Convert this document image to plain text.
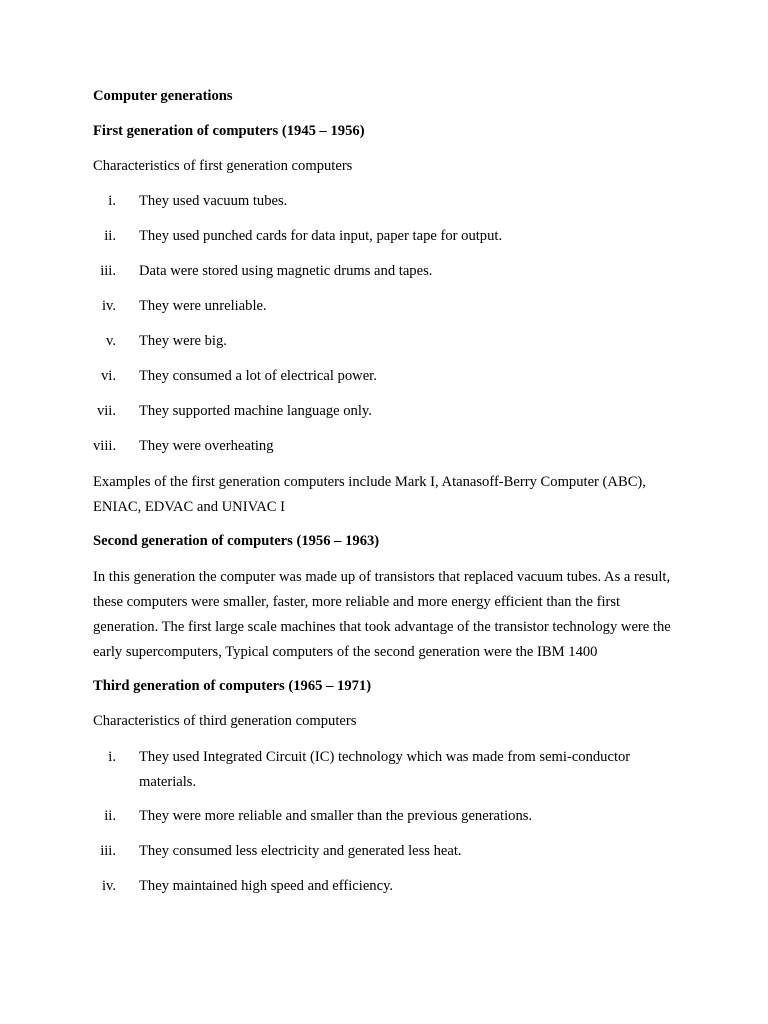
Computer generations
First generation of computers (1945 – 1956)
Characteristics of first generation computers
i. They used vacuum tubes.
ii. They used punched cards for data input, paper tape for output.
iii. Data were stored using magnetic drums and tapes.
iv. They were unreliable.
v. They were big.
vi. They consumed a lot of electrical power.
vii. They supported machine language only.
viii. They were overheating
Examples of the first generation computers include Mark I, Atanasoff-Berry Computer (ABC), ENIAC, EDVAC and UNIVAC I
Second generation of computers (1956 – 1963)
In this generation the computer was made up of transistors that replaced vacuum tubes. As a result, these computers were smaller, faster, more reliable and more energy efficient than the first generation. The first large scale machines that took advantage of the transistor technology were the early supercomputers, Typical computers of the second generation were the IBM 1400
Third generation of computers (1965 – 1971)
Characteristics of third generation computers
i. They used Integrated Circuit (IC) technology which was made from semi-conductor materials.
ii. They were more reliable and smaller than the previous generations.
iii. They consumed less electricity and generated less heat.
iv. They maintained high speed and efficiency.
